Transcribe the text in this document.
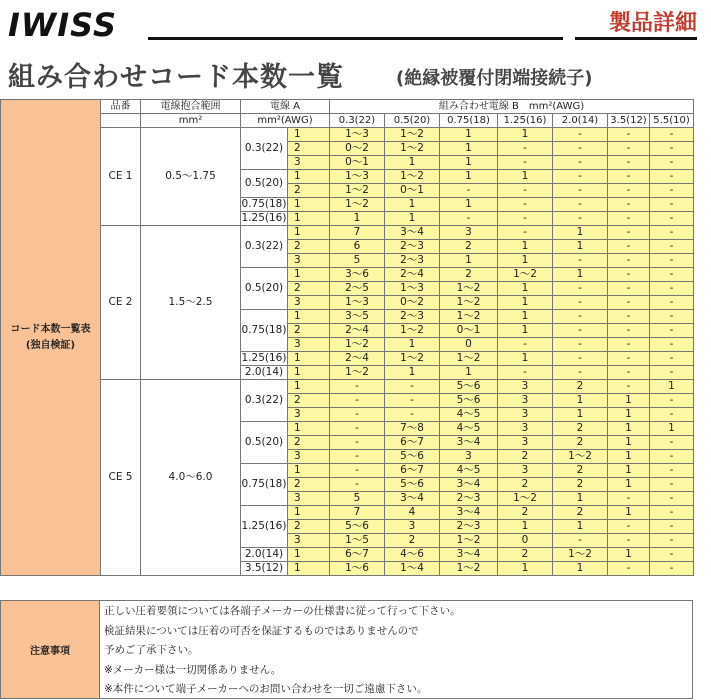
IWISS	製品詳細
組み合わせコード本数一覧	(絶縁被覆付閉端接続子)
コード本数一覧表
(独自検証)	品番	電線抱合範囲	電線 A		組み合わせ電線 B　mm²(AWG)						
		mm²	mm²(AWG)		0.3(22)	0.5(20)	0.75(18)	1.25(16)	2.0(14)	3.5(12)	5.5(10)
	CE 1	0.5～1.75	0.3(22)	1	1～3	1～2	1	1	-	-	-
				2	0～2	1～2	1	-	-	-	-
				3	0～1	1	1	-	-	-	-
			0.5(20)	1	1～3	1～2	1	1	-	-	-
				2	1～2	0～1	-	-	-	-	-
			0.75(18)	1	1～2	1	1	-	-	-	-
			1.25(16)	1	1	1	-	-	-	-	-
	CE 2	1.5～2.5	0.3(22)	1	7	3～4	3	-	1	-	-
				2	6	2～3	2	1	1	-	-
				3	5	2～3	1	1	-	-	-
			0.5(20)	1	3～6	2～4	2	1～2	1	-	-
				2	2～5	1～3	1～2	1	-	-	-
				3	1～3	0～2	1～2	1	-	-	-
			0.75(18)	1	3～5	2～3	1～2	1	-	-	-
				2	2～4	1～2	0～1	1	-	-	-
				3	1～2	1	0	-	-	-	-
			1.25(16)	1	2～4	1～2	1～2	1	-	-	-
			2.0(14)	1	1～2	1	1	-	-	-	-
	CE 5	4.0～6.0	0.3(22)	1	-	-	5～6	3	2	-	1
				2	-	-	5～6	3	1	1	-
				3	-	-	4～5	3	1	1	-
			0.5(20)	1	-	7～8	4～5	3	2	1	1
				2	-	6～7	3～4	3	2	1	-
				3	-	5～6	3	2	1～2	1	-
			0.75(18)	1	-	6～7	4～5	3	2	1	-
				2	-	5～6	3～4	2	2	1	-
				3	5	3～4	2～3	1～2	1	-	-
			1.25(16)	1	7	4	3～4	2	2	1	-
				2	5～6	3	2～3	1	1	-	-
				3	1～5	2	1～2	0	-	-	-
			2.0(14)	1	6～7	4～6	3～4	2	1～2	1	-
			3.5(12)	1	1～6	1～4	1～2	1	1	-	-
注意事項
正しい圧着要領については各端子メーカーの仕様書に従って行って下さい。
検証結果については圧着の可否を保証するものではありませんので
予めご了承下さい。
※メーカー様は一切関係ありません。
※本件について端子メーカーへのお問い合わせを一切ご遠慮下さい。
